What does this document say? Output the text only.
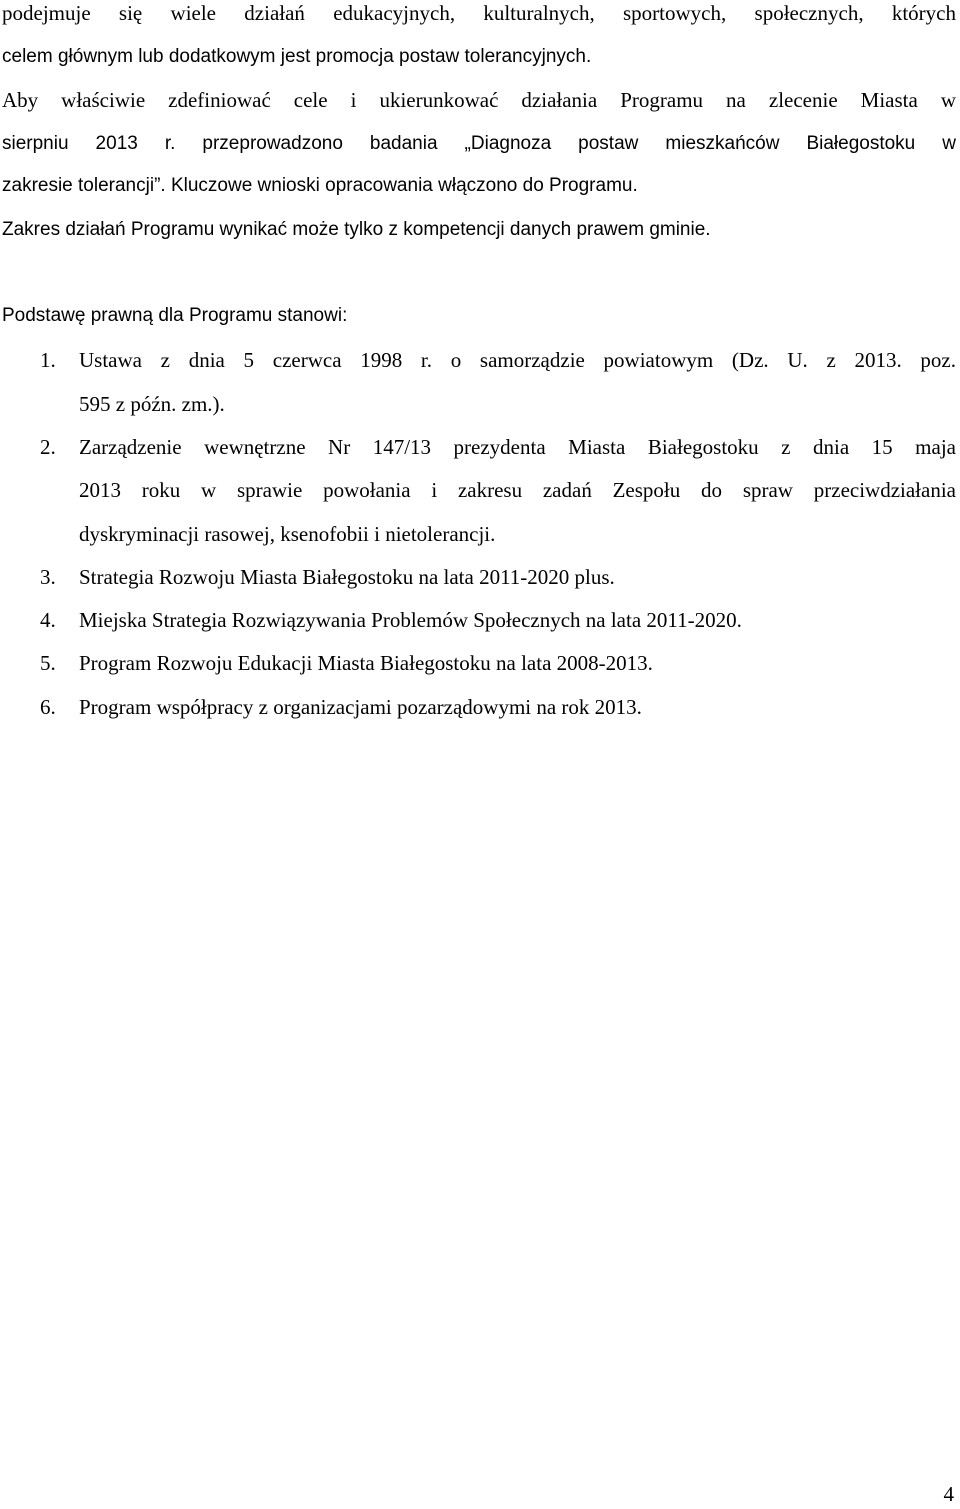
podejmuje się wiele działań edukacyjnych, kulturalnych, sportowych, społecznych, których
celem głównym lub dodatkowym jest promocja postaw tolerancyjnych.
Aby właściwie zdefiniować cele i ukierunkować działania Programu na zlecenie Miasta w
sierpniu 2013 r. przeprowadzono badania „Diagnoza postaw mieszkańców Białegostoku w
zakresie tolerancji”. Kluczowe wnioski opracowania włączono do Programu.
Zakres działań Programu wynikać może tylko z kompetencji danych prawem gminie.
Podstawę prawną dla Programu stanowi:
1. Ustawa z dnia 5 czerwca 1998 r. o samorządzie powiatowym (Dz. U. z 2013. poz.
595 z późn. zm.).
2. Zarządzenie wewnętrzne Nr 147/13 prezydenta Miasta Białegostoku z dnia 15 maja
2013 roku w sprawie powołania i zakresu zadań Zespołu do spraw przeciwdziałania
dyskryminacji rasowej, ksenofobii i nietolerancji.
3. Strategia Rozwoju Miasta Białegostoku na lata 2011-2020 plus.
4. Miejska Strategia Rozwiązywania Problemów Społecznych na lata 2011-2020.
5. Program Rozwoju Edukacji Miasta Białegostoku na lata 2008-2013.
6. Program współpracy z organizacjami pozarządowymi na rok 2013.
4
